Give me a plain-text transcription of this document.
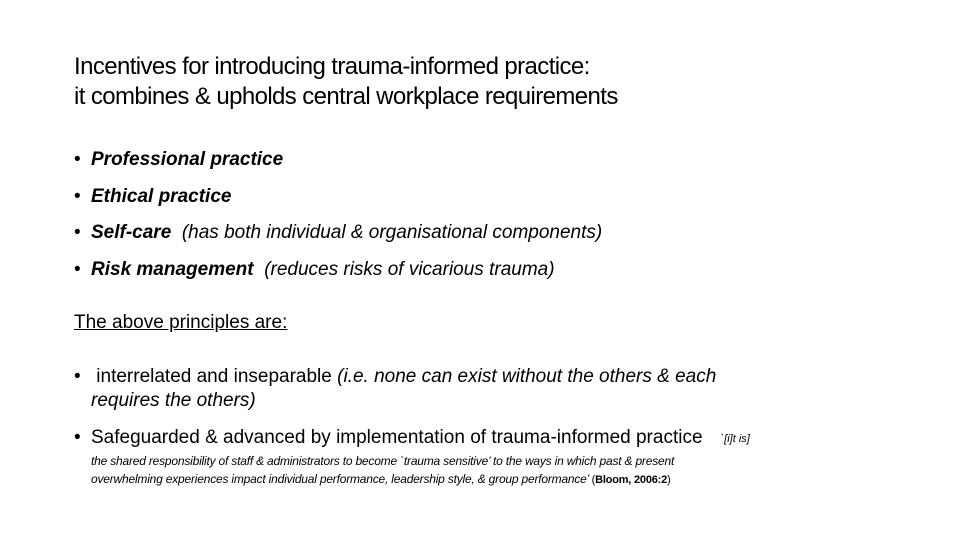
Incentives for introducing trauma-informed practice:
it combines & upholds central workplace requirements
• Professional practice
• Ethical practice
• Self-care (has both individual & organisational components)
• Risk management (reduces risks of vicarious trauma)
The above principles are:
• interrelated and inseparable (i.e. none can exist without the others & each
requires the others)
• Safeguarded & advanced by implementation of trauma-informed practice `[i]t is]
the shared responsibility of staff & administrators to become `trauma sensitive’ to the ways in which past & present
overwhelming experiences impact individual performance, leadership style, & group performance’ (Bloom, 2006:2)
